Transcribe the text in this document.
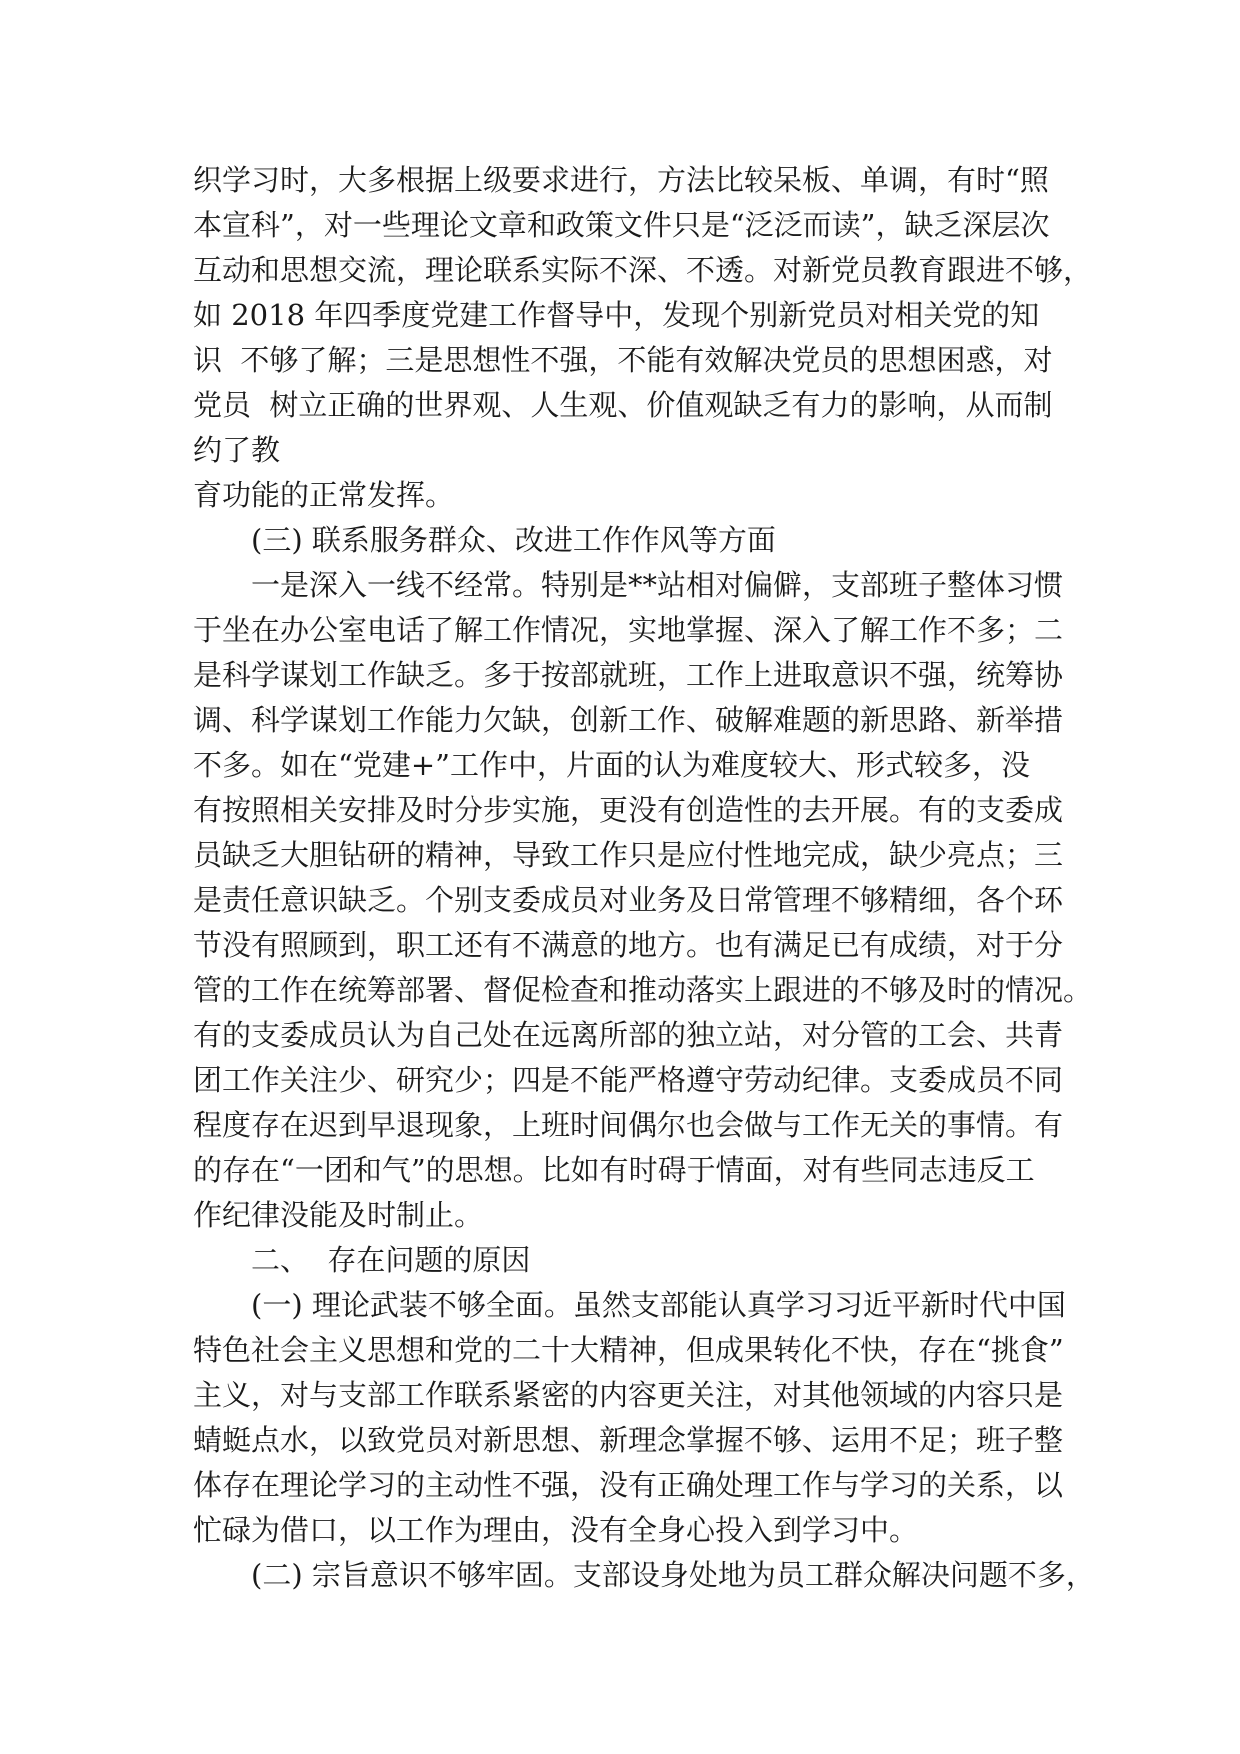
织学习时，大多根据上级要求进行，方法比较呆板、单调，有时“照
本宣科”，对一些理论文章和政策文件只是“泛泛而读”，缺乏深层次
互动和思想交流，理论联系实际不深、不透。对新党员教育跟进不够，
如 2018 年四季度党建工作督导中，发现个别新党员对相关党的知
识  不够了解；三是思想性不强，不能有效解决党员的思想困惑，对
党员  树立正确的世界观、人生观、价值观缺乏有力的影响，从而制
约了教
育功能的正常发挥。
(三) 联系服务群众、改进工作作风等方面
一是深入一线不经常。特别是**站相对偏僻，支部班子整体习惯
于坐在办公室电话了解工作情况，实地掌握、深入了解工作不多；二
是科学谋划工作缺乏。多于按部就班，工作上进取意识不强，统筹协
调、科学谋划工作能力欠缺，创新工作、破解难题的新思路、新举措
不多。如在“党建+”工作中，片面的认为难度较大、形式较多，没
有按照相关安排及时分步实施，更没有创造性的去开展。有的支委成
员缺乏大胆钻研的精神，导致工作只是应付性地完成，缺少亮点；三
是责任意识缺乏。个别支委成员对业务及日常管理不够精细，各个环
节没有照顾到，职工还有不满意的地方。也有满足已有成绩，对于分
管的工作在统筹部署、督促检查和推动落实上跟进的不够及时的情况。
有的支委成员认为自己处在远离所部的独立站，对分管的工会、共青
团工作关注少、研究少；四是不能严格遵守劳动纪律。支委成员不同
程度存在迟到早退现象，上班时间偶尔也会做与工作无关的事情。有
的存在“一团和气”的思想。比如有时碍于情面，对有些同志违反工
作纪律没能及时制止。
二、  存在问题的原因
(一) 理论武装不够全面。虽然支部能认真学习习近平新时代中国
特色社会主义思想和党的二十大精神，但成果转化不快，存在“挑食”
主义，对与支部工作联系紧密的内容更关注，对其他领域的内容只是
蜻蜓点水，以致党员对新思想、新理念掌握不够、运用不足；班子整
体存在理论学习的主动性不强，没有正确处理工作与学习的关系，以
忙碌为借口，以工作为理由，没有全身心投入到学习中。
(二) 宗旨意识不够牢固。支部设身处地为员工群众解决问题不多，
